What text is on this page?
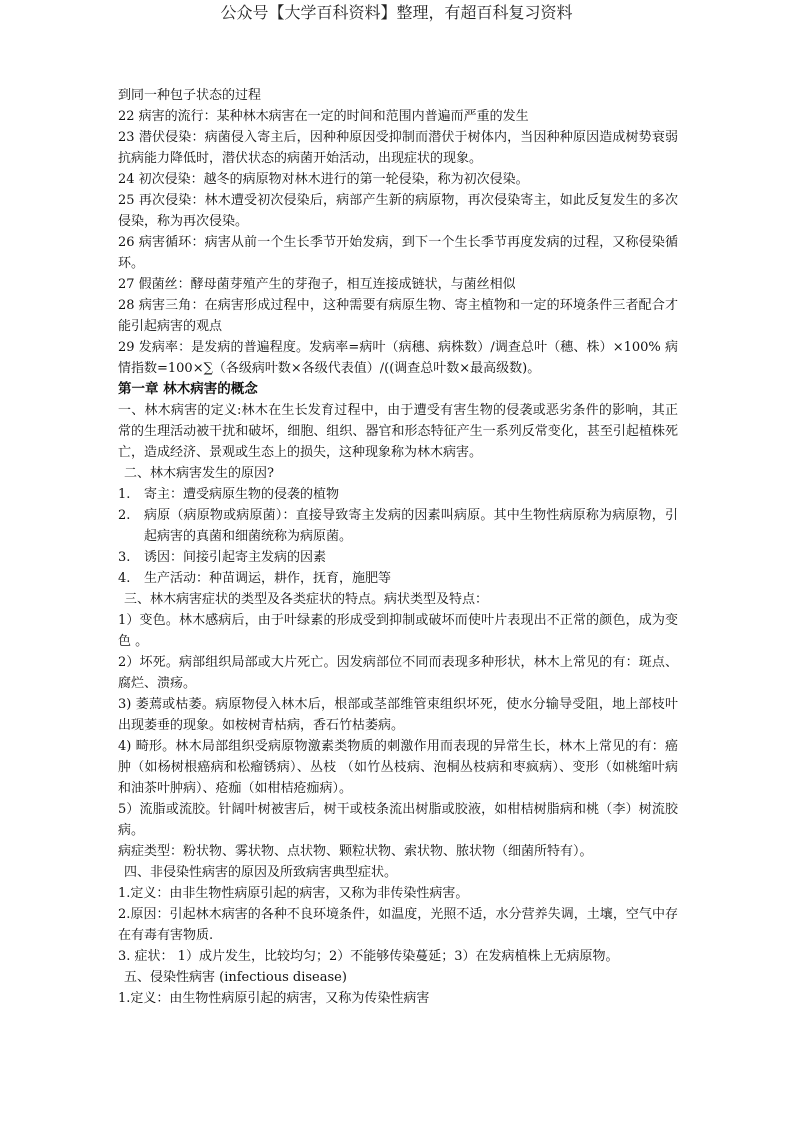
公众号【大学百科资料】整理，有超百科复习资料

到同一种包子状态的过程

22 病害的流行：某种林木病害在一定的时间和范围内普遍而严重的发生

23 潜伏侵染：病菌侵入寄主后，因种种原因受抑制而潜伏于树体内，当因种种原因造成树势衰弱抗病能力降低时，潜伏状态的病菌开始活动，出现症状的现象。

24 初次侵染：越冬的病原物对林木进行的第一轮侵染，称为初次侵染。

25 再次侵染：林木遭受初次侵染后，病部产生新的病原物，再次侵染寄主，如此反复发生的多次侵染，称为再次侵染。

26 病害循环：病害从前一个生长季节开始发病，到下一个生长季节再度发病的过程，又称侵染循环。

27 假菌丝：酵母菌芽殖产生的芽孢子，相互连接成链状，与菌丝相似

28 病害三角：在病害形成过程中，这种需要有病原生物、寄主植物和一定的环境条件三者配合才能引起病害的观点

29 发病率：是发病的普遍程度。发病率=病叶（病穗、病株数）/调查总叶（穗、株）×100% 病情指数=100×∑（各级病叶数×各级代表值）/((调查总叶数×最高级数)。

第一章 林木病害的概念

一、林木病害的定义:林木在生长发育过程中，由于遭受有害生物的侵袭或恶劣条件的影响，其正常的生理活动被干扰和破坏，细胞、组织、器官和形态特征产生一系列反常变化，甚至引起植株死亡，造成经济、景观或生态上的损失，这种现象称为林木病害。

二、林木病害发生的原因?

1. 寄主：遭受病原生物的侵袭的植物

2. 病原（病原物或病原菌）：直接导致寄主发病的因素叫病原。其中生物性病原称为病原物，引起病害的真菌和细菌统称为病原菌。

3. 诱因：间接引起寄主发病的因素

4. 生产活动：种苗调运，耕作，抚育，施肥等

三、林木病害症状的类型及各类症状的特点。病状类型及特点：

1）变色。林木感病后，由于叶绿素的形成受到抑制或破坏而使叶片表现出不正常的颜色，成为变色 。

2）坏死。病部组织局部或大片死亡。因发病部位不同而表现多种形状，林木上常见的有：斑点、腐烂、溃疡。

3) 萎蔫或枯萎。病原物侵入林木后，根部或茎部维管束组织坏死，使水分输导受阻，地上部枝叶出现萎垂的现象。如桉树青枯病，香石竹枯萎病。

4) 畸形。林木局部组织受病原物激素类物质的刺激作用而表现的异常生长，林木上常见的有：癌肿（如杨树根癌病和松瘤锈病）、丛枝 （如竹丛枝病、泡桐丛枝病和枣疯病）、变形（如桃缩叶病和油茶叶肿病）、疮痂（如柑桔疮痂病）。

5）流脂或流胶。针阔叶树被害后，树干或枝条流出树脂或胶液，如柑桔树脂病和桃（李）树流胶病。

病症类型：粉状物、雾状物、点状物、颗粒状物、索状物、脓状物（细菌所特有）。

四、非侵染性病害的原因及所致病害典型症状。

1.定义：由非生物性病原引起的病害，又称为非传染性病害。

2.原因：引起林木病害的各种不良环境条件，如温度，光照不适，水分营养失调，土壤，空气中存在有毒有害物质.

3. 症状： 1）成片发生，比较均匀；2）不能够传染蔓延；3）在发病植株上无病原物。

五、侵染性病害 (infectious disease)

1.定义：由生物性病原引起的病害，又称为传染性病害
